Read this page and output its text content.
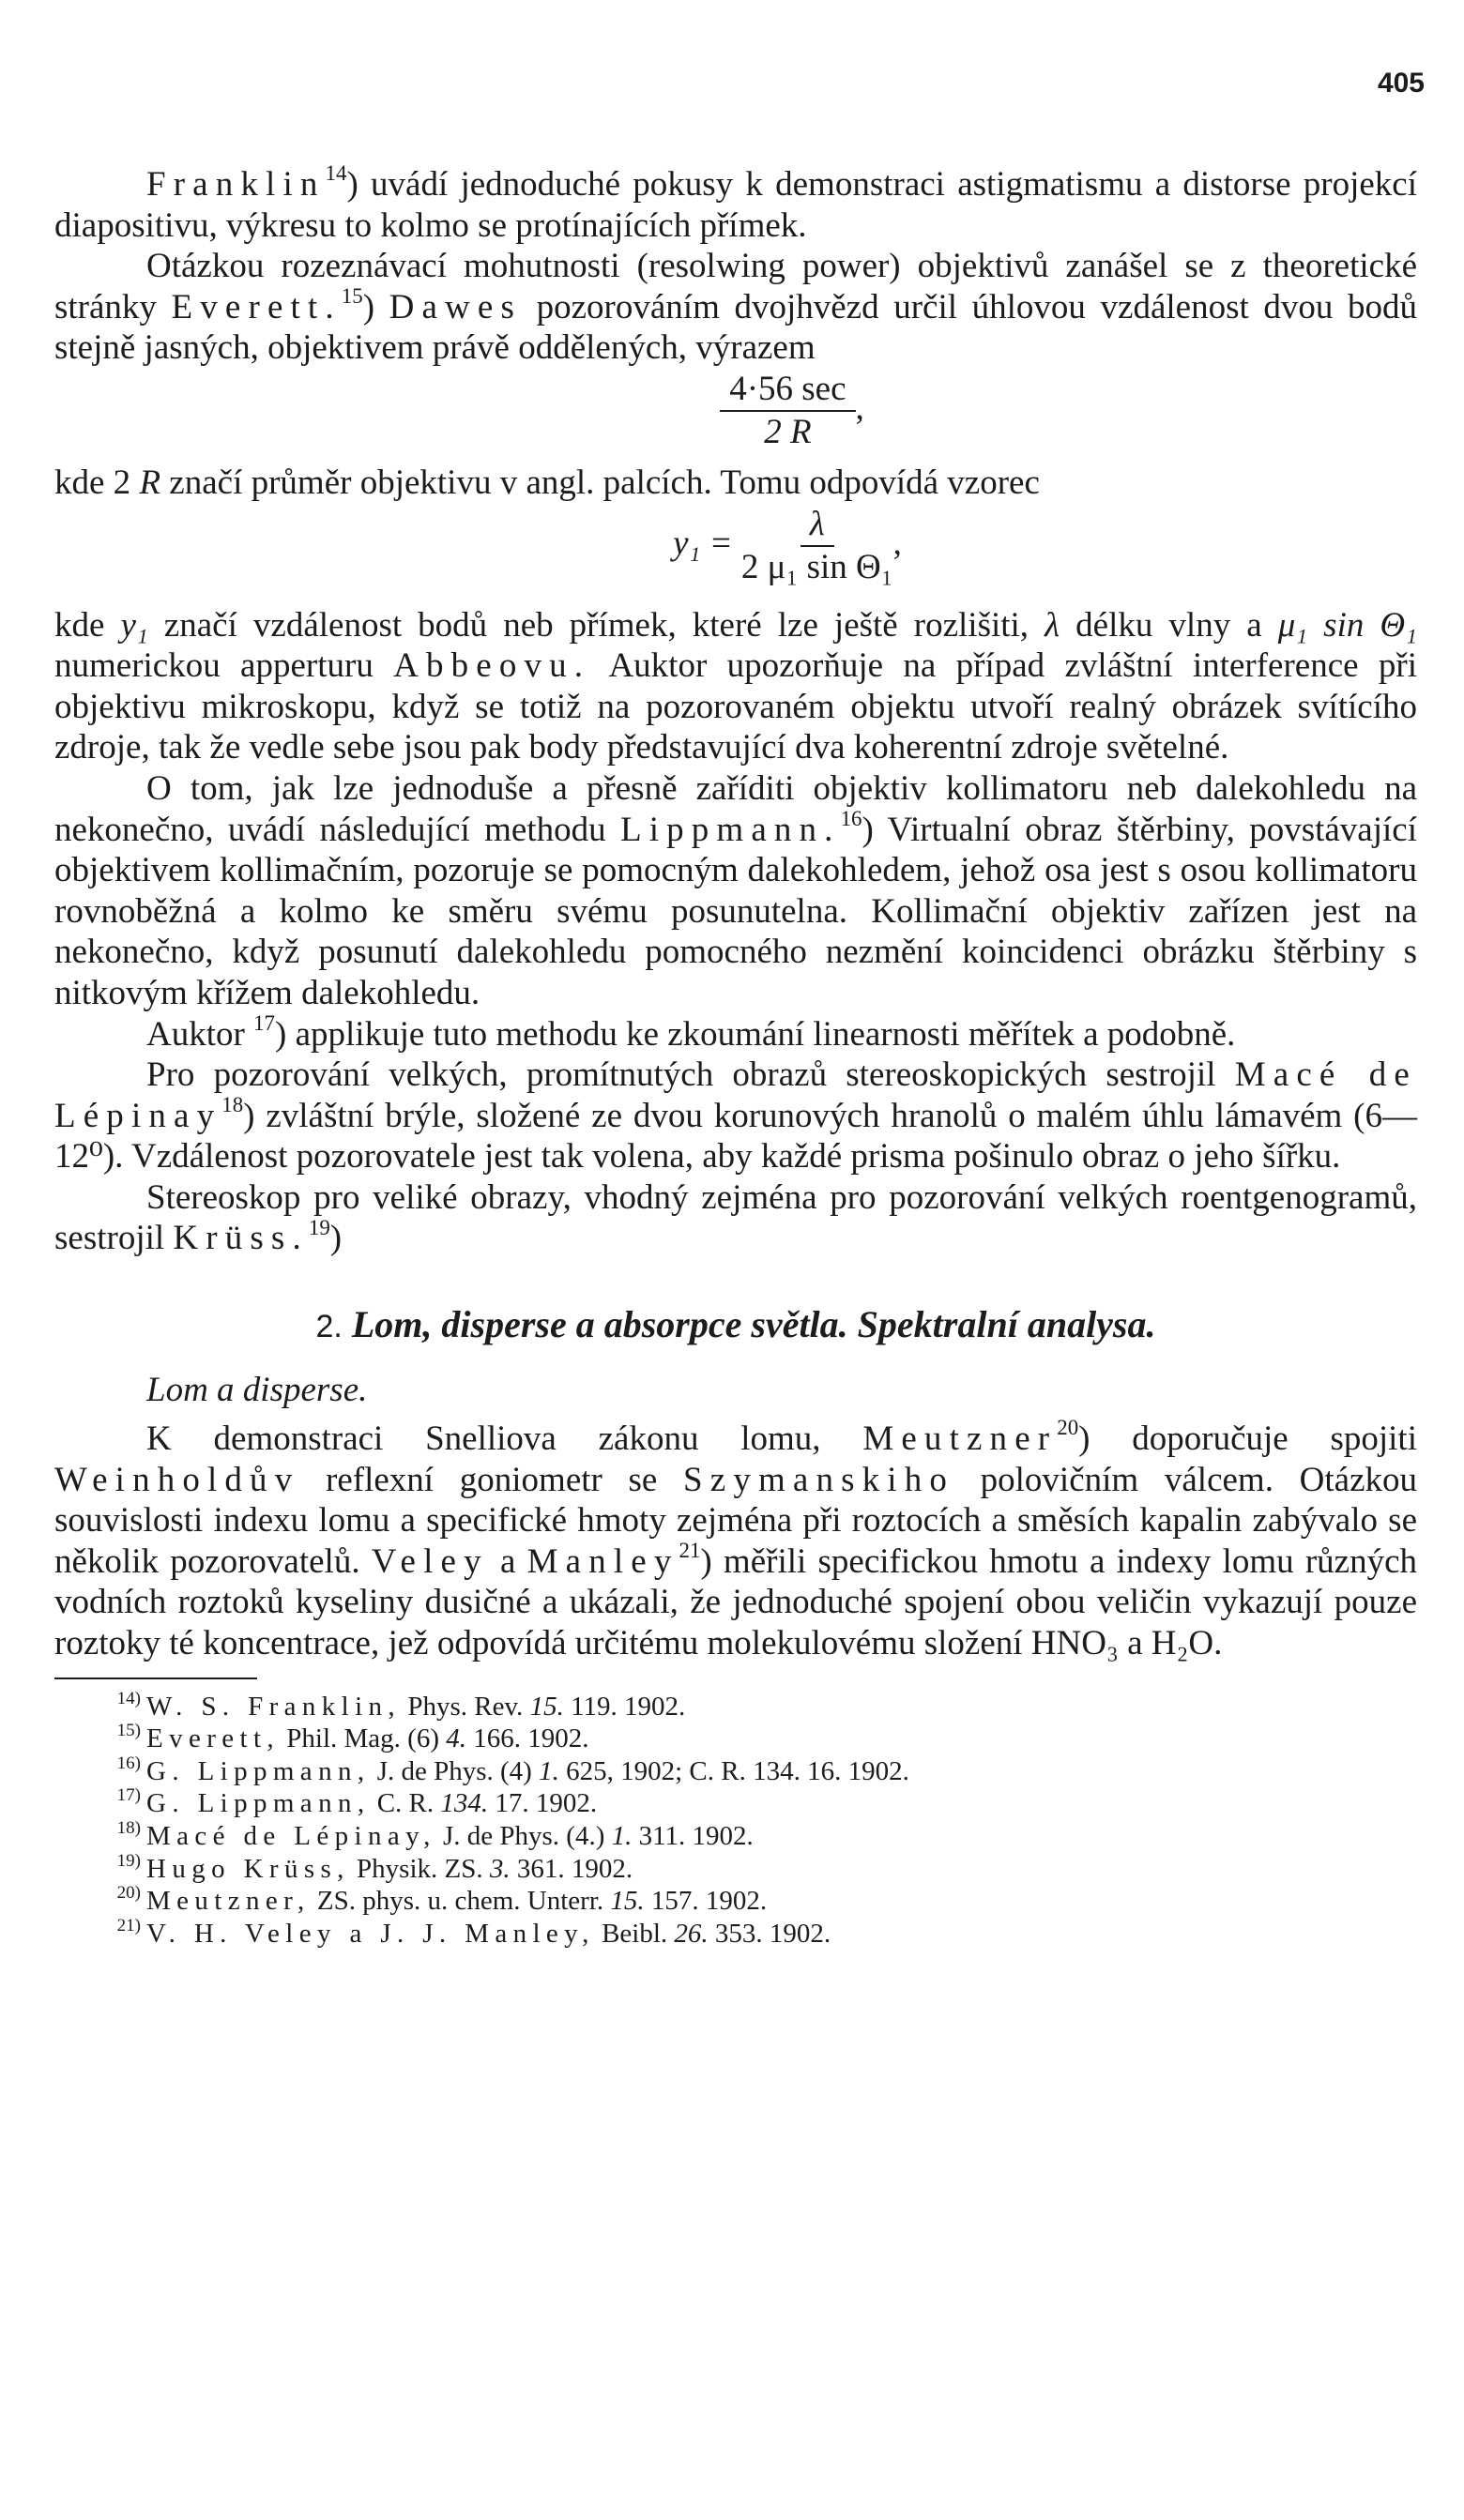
405

Franklin$^{14}$) uvádí jednoduché pokusy k demonstraci astigmatismu a distorse projekcí diapositivu, výkresu to kolmo se protínajících přímek.

Otázkou rozeznávací mohutnosti (resolwing power) objektivů zanášel se z theoretické stránky Everett.$^{15}$) Dawes pozorováním dvojhvězd určil úhlovou vzdálenost dvou bodů stejně jasných, objektivem právě oddělených, výrazem

$\frac{4\cdot 56 \sec}{2 R}$ ,

kde 2 R značí průměr objektivu v angl. palcích. Tomu odpovídá vzorec

$y_1 = \frac{\lambda}{\text{2 μ₁ sin Θ₁}}$ ,

kde y₁ značí vzdálenost bodů neb přímek, které lze ještě rozlišiti, λ délku vlny a μ₁ sin Θ₁ numerickou apperturu Abbeovu. Auktor upozorňuje na případ zvláštní interference při objektivu mikroskopu, když se totiž na pozorovaném objektu utvoří realný obrázek svítícího zdroje, tak že vedle sebe jsou pak body představující dva koherentní zdroje světelné.

O tom, jak lze jednoduše a přesně zaříditi objektiv kollimatoru neb dalekohledu na nekonečno, uvádí následující methodu Lippmann.$^{16}$) Virtualní obraz štěrbiny, povstávající objektivem kollimačním, pozoruje se pomocným dalekohledem, jehož osa jest s osou kollimatoru rovnoběžná a kolmo ke směru svému posunutelna. Kollimační objektiv zařízen jest na nekonečno, když posunutí dalekohledu pomocného nezmění koincidenci obrázku štěrbiny s nitkovým křížem dalekohledu.

Auktor $^{17}$) applikuje tuto methodu ke zkoumání linearnosti měřítek a podobně.

Pro pozorování velkých, promítnutých obrazů stereoskopických sestrojil Macé de Lépinay$^{18}$) zvláštní brýle, složené ze dvou korunových hranolů o malém úhlu lámavém (6—12⁰). Vzdálenost pozorovatele jest tak volena, aby každé prisma pošinulo obraz o jeho šířku.

Stereoskop pro veliké obrazy, vhodný zejména pro pozorování velkých roentgenogramů, sestrojil Krüss.$^{19}$)

2. Lom, disperse a absorpce světla. Spektralní analysa.
Lom a disperse.

K demonstraci Snelliova zákonu lomu, Meutzner$^{20}$) doporučuje spojiti Weinholdův reflexní goniometr se Szymanskiho polovičním válcem. Otázkou souvislosti indexu lomu a specifické hmoty zejména při roztocích a směsích kapalin zabývalo se několik pozorovatelů. Veley a Manley$^{21}$) měřili specifickou hmotu a indexy lomu různých vodních roztoků kyseliny dusičné a ukázali, že jednoduché spojení obou veličin vykazují pouze roztoky té koncentrace, jež odpovídá určitému molekulovému složení HNO₃ a H₂O.

14) W. S. Franklin, Phys. Rev. 15. 119. 1902.

15) Everett, Phil. Mag. (6) 4. 166. 1902.

16) G. Lippmann, J. de Phys. (4) 1. 625, 1902; C. R. 134. 16. 1902.

17) G. Lippmann, C. R. 134. 17. 1902.

18) Macé de Lépinay, J. de Phys. (4.) 1. 311. 1902.

19) Hugo Krüss, Physik. ZS. 3. 361. 1902.

20) Meutzner, ZS. phys. u. chem. Unterr. 15. 157. 1902.

21) V. H. Veley a J. J. Manley, Beibl. 26. 353. 1902.
